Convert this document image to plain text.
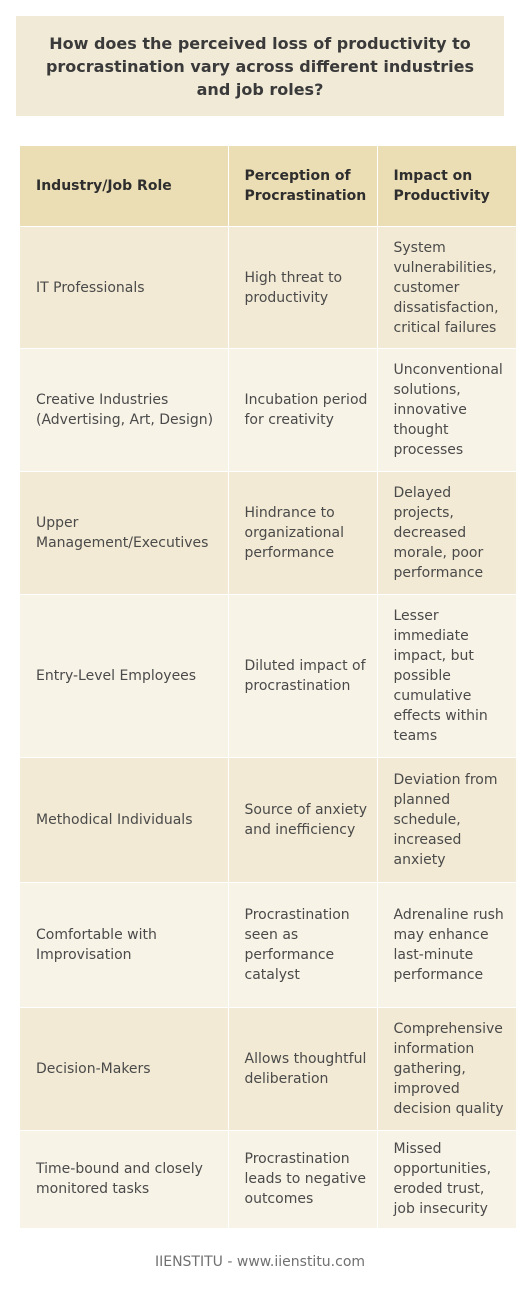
How does the perceived loss of productivity to procrastination vary across different industries and job roles?
Industry/Job Role	Perception of Procrastination	Impact on Productivity
IT Professionals	High threat to productivity	System vulnerabilities, customer dissatisfaction, critical failures
Creative Industries (Advertising, Art, Design)	Incubation period for creativity	Unconventional solutions, innovative thought processes
Upper Management/Executives	Hindrance to organizational performance	Delayed projects, decreased morale, poor performance
Entry-Level Employees	Diluted impact of procrastination	Lesser immediate impact, but possible cumulative effects within teams
Methodical Individuals	Source of anxiety and inefficiency	Deviation from planned schedule, increased anxiety
Comfortable with Improvisation	Procrastination seen as performance catalyst	Adrenaline rush may enhance last-minute performance
Decision-Makers	Allows thoughtful deliberation	Comprehensive information gathering, improved decision quality
Time-bound and closely monitored tasks	Procrastination leads to negative outcomes	Missed opportunities, eroded trust, job insecurity
IIENSTITU - www.iienstitu.com
